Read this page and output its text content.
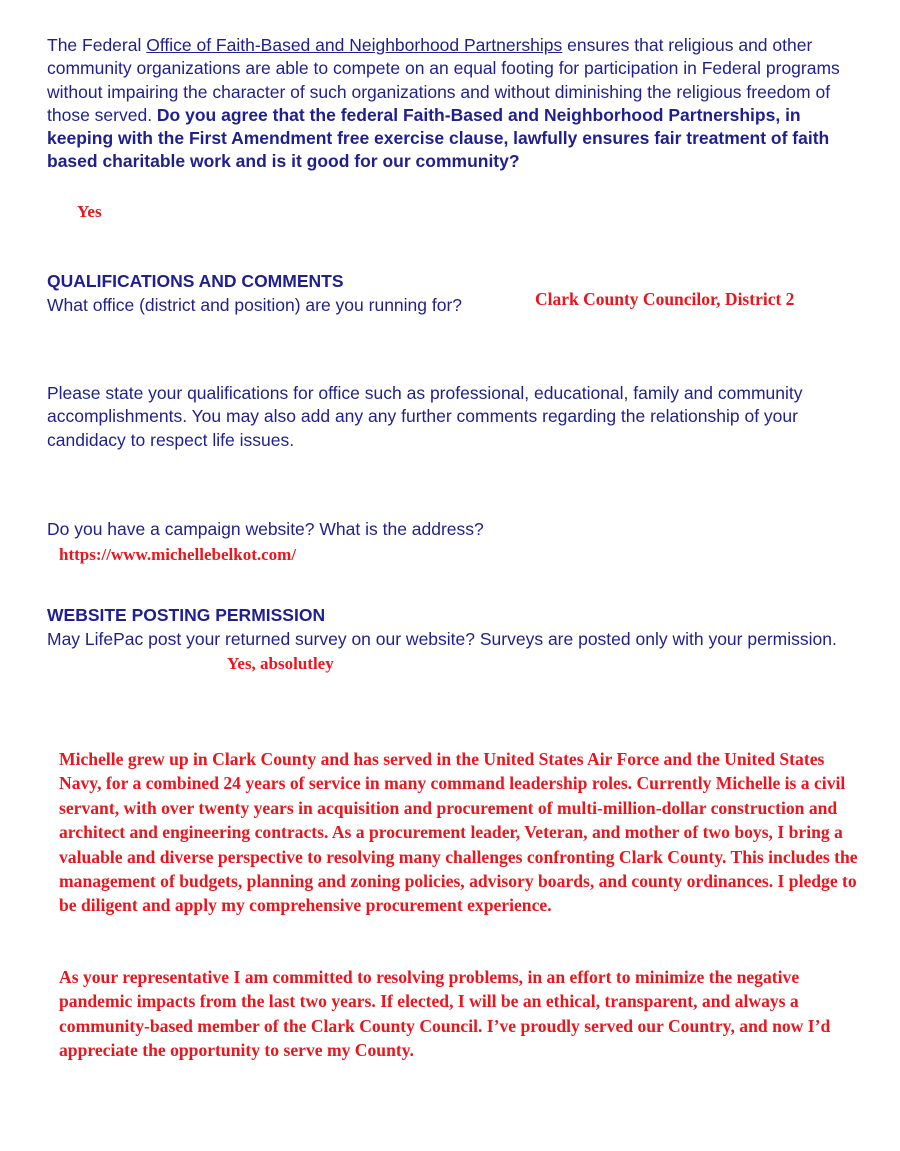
The Federal Office of Faith-Based and Neighborhood Partnerships ensures that religious and other community organizations are able to compete on an equal footing for participation in Federal programs without impairing the character of such organizations and without diminishing the religious freedom of those served. Do you agree that the federal Faith-Based and Neighborhood Partnerships, in keeping with the First Amendment free exercise clause, lawfully ensures fair treatment of faith based charitable work and is it good for our community?
Yes
QUALIFICATIONS AND COMMENTS
What office (district and position) are you running for?	Clark County Councilor, District 2
Please state your qualifications for office such as professional, educational, family and community accomplishments. You may also add any any further comments regarding the relationship of your candidacy to respect life issues.
Do you have a campaign website? What is the address?
https://www.michellebelkot.com/
WEBSITE POSTING PERMISSION
May LifePac post your returned survey on our website? Surveys are posted only with your permission.
Yes, absolutley
Michelle grew up in Clark County and has served in the United States Air Force and the United States Navy, for a combined 24 years of service in many command leadership roles. Currently Michelle is a civil servant, with over twenty years in acquisition and procurement of multi-million-dollar construction and architect and engineering contracts. As a procurement leader, Veteran, and mother of two boys, I bring a valuable and diverse perspective to resolving many challenges confronting Clark County. This includes the management of budgets, planning and zoning policies, advisory boards, and county ordinances. I pledge to be diligent and apply my comprehensive procurement experience.
As your representative I am committed to resolving problems, in an effort to minimize the negative pandemic impacts from the last two years. If elected, I will be an ethical, transparent, and always a community-based member of the Clark County Council. I’ve proudly served our Country, and now I’d appreciate the opportunity to serve my County.
